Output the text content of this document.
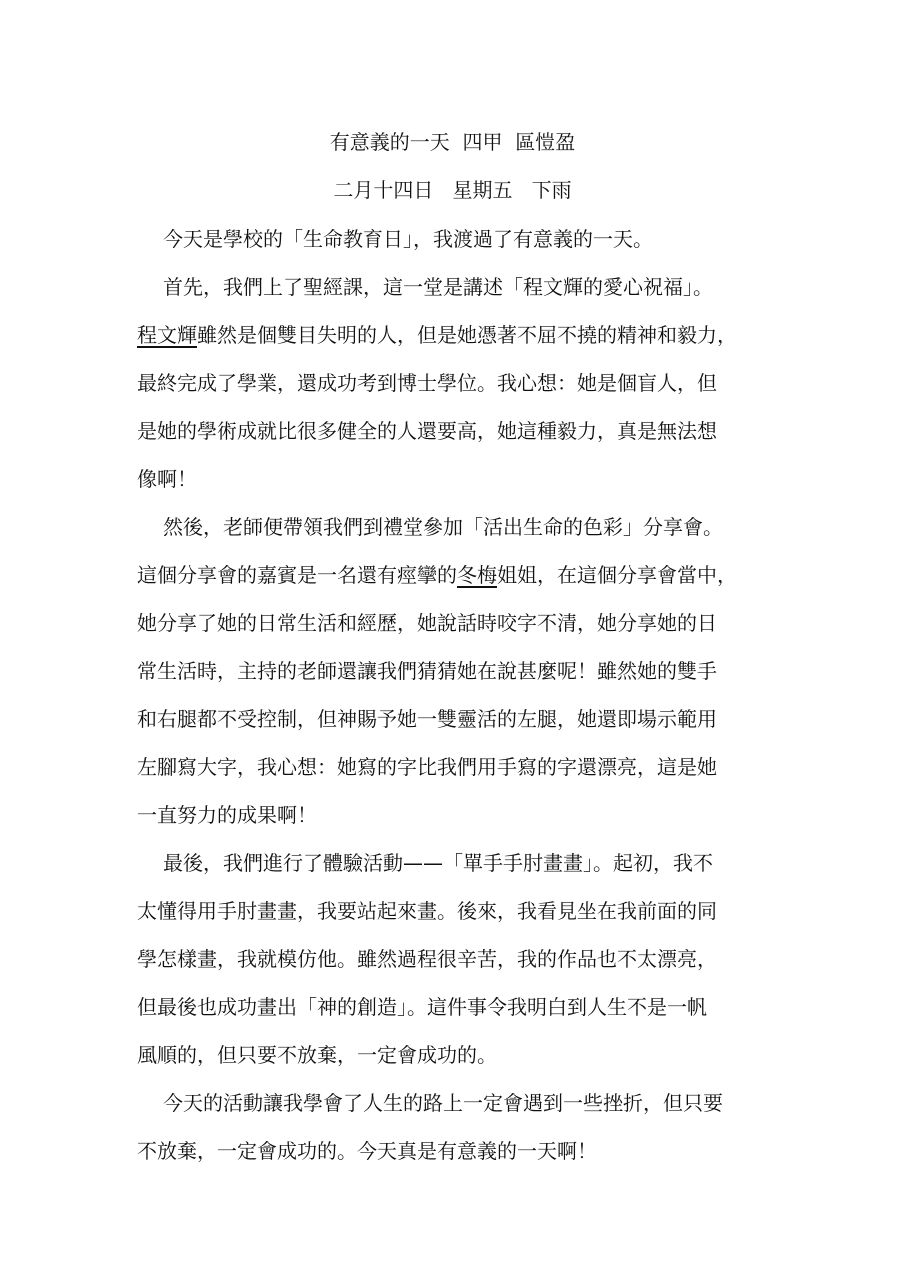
有意義的一天  四甲  區愷盈
二月十四日   星期五   下雨
今天是學校的「生命教育日」，我渡過了有意義的一天。
首先，我們上了聖經課，這一堂是講述「程文輝的愛心祝福」。
程文輝雖然是個雙目失明的人，但是她憑著不屈不撓的精神和毅力，
最終完成了學業，還成功考到博士學位。我心想：她是個盲人，但
是她的學術成就比很多健全的人還要高，她這種毅力，真是無法想
像啊！
然後，老師便帶領我們到禮堂參加「活出生命的色彩」分享會。
這個分享會的嘉賓是一名還有痙攣的冬梅姐姐，在這個分享會當中，
她分享了她的日常生活和經歷，她說話時咬字不清，她分享她的日
常生活時，主持的老師還讓我們猜猜她在說甚麼呢！雖然她的雙手
和右腿都不受控制，但神賜予她一雙靈活的左腿，她還即場示範用
左腳寫大字，我心想：她寫的字比我們用手寫的字還漂亮，這是她
一直努力的成果啊！
最後，我們進行了體驗活動——「單手手肘畫畫」。起初，我不
太懂得用手肘畫畫，我要站起來畫。後來，我看見坐在我前面的同
學怎樣畫，我就模仿他。雖然過程很辛苦，我的作品也不太漂亮，
但最後也成功畫出「神的創造」。這件事令我明白到人生不是一帆
風順的，但只要不放棄，一定會成功的。
今天的活動讓我學會了人生的路上一定會遇到一些挫折，但只要
不放棄，一定會成功的。今天真是有意義的一天啊！
